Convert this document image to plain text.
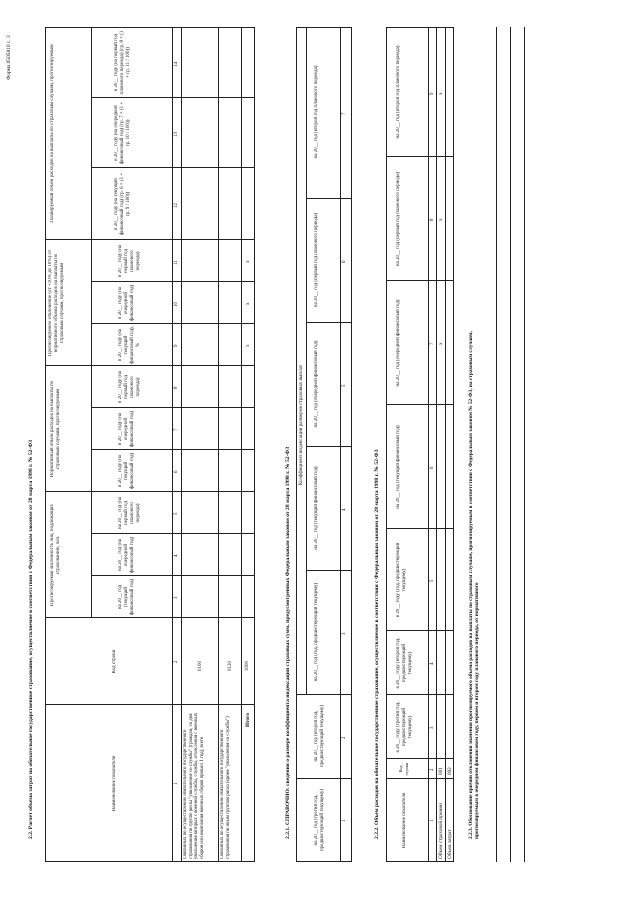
Форма 0505810 с. 3
2.2. Расчет объема затрат на обязательное государственное страхование, осуществляемое в соответствии с Федеральным законом от 28 марта 1998 г. № 52-ФЗ	Наименование показателя
Код строки
Прогнозируемая численность лиц, подлежащих страхованию, чел.
Нормативный объем расходов на выплаты по страховым случаям, прогнозируемым
Прогнозируемое отклонение (от +10% до 10%) от нормативного объема расходов на выплаты по страховым случаям, прогнозируемым
Планируемый объем расходов на выплаты по страховым случаям, прогнозируемым
на 20__ год (текущий финансовый год)
на 20__ год (на очередной финансовый год)
на 20__ год (на первый год планового периода)
в 20__ году (на текущий финансовый год)
в 20__ году (на очередной финансовый год)
в 20__ году (на первый год планового периода)
в 20__ году (на текущий финансовый год), %
в 20__ году (на очередной финансовый год)
в 20__ году (на первый год планового периода)
в 20__ году (на текущий финансовый год) (гр. 6 × (1 + гр. 9 / 100))
в 20__ году (на очередной финансовый год) (гр. 7 × (1 + гр. 10 / 100))
в 20__ году (на первый год планового периода) (гр. 8 × (1 + гр. 11 / 100))
1
2
3
4
5
6
7
8
9
10
11
12
13
14
Связанных по осуществлению обязательного государственного страхования по группе риска "увольнение со службы" (граждан, со дня увольнения которых с военной службы, службы, отчисления с военных сборов или окончания военных сборов прошел 1 год), всего
0100
Связанных по осуществлению обязательного государственного страхования по иным группам риска (кроме "увольнения со службы")
0120
Итого
1000
x
x
x
2.2.1. СПРАВОЧНО: сведения о размере коэффициента индексации страховых сумм, предусмотренных Федеральным законом от 28 марта 1998 г. № 52-ФЗ
Коэффициент индексации размеров страховых выплат
на 20__ год (третий год, предшествующий текущему)
на 20__ год (второй год, предшествующий текущему)
на 20__ год (год, предшествующий текущему)
на 20__ год (текущий финансовый год)
на 20__ год (очередной финансовый год)
на 20__ год (первый год планового периода)
на 20__ год (второй год планового периода)
1
2
3
4
5
6
7
2.2.2. Объем расходов на обязательное государственное страхование, осуществляемое в соответствии с Федеральным законом от 28 марта 1998 г. № 52-ФЗ	Наименование показателя
Код строки
в 20__ году (третий год, предшествующий текущему)
в 20__ году (второй год, предшествующий текущему)
в 20__ году (год, предшествующий текущему)
на 20__ год (текущий финансовый год)
на 20__ год (очередной финансовый год)
на 20__ год (первый год планового периода)
на 20__ год (второй год планового периода)
1
2
3
4
5
6
7
8
9
Объем страховой премии
001
Объем затрат
002
x
x
x
2.2.3. Обоснование причин отклонения значения прогнозируемого объема расходов на выплаты по страховым случаям, прогнозируемым в соответствии с Федеральным законом № 52-ФЗ, на страховым случаям, прогнозируемым в очередном финансовом году, первом и втором году планового периода, от нормативного
